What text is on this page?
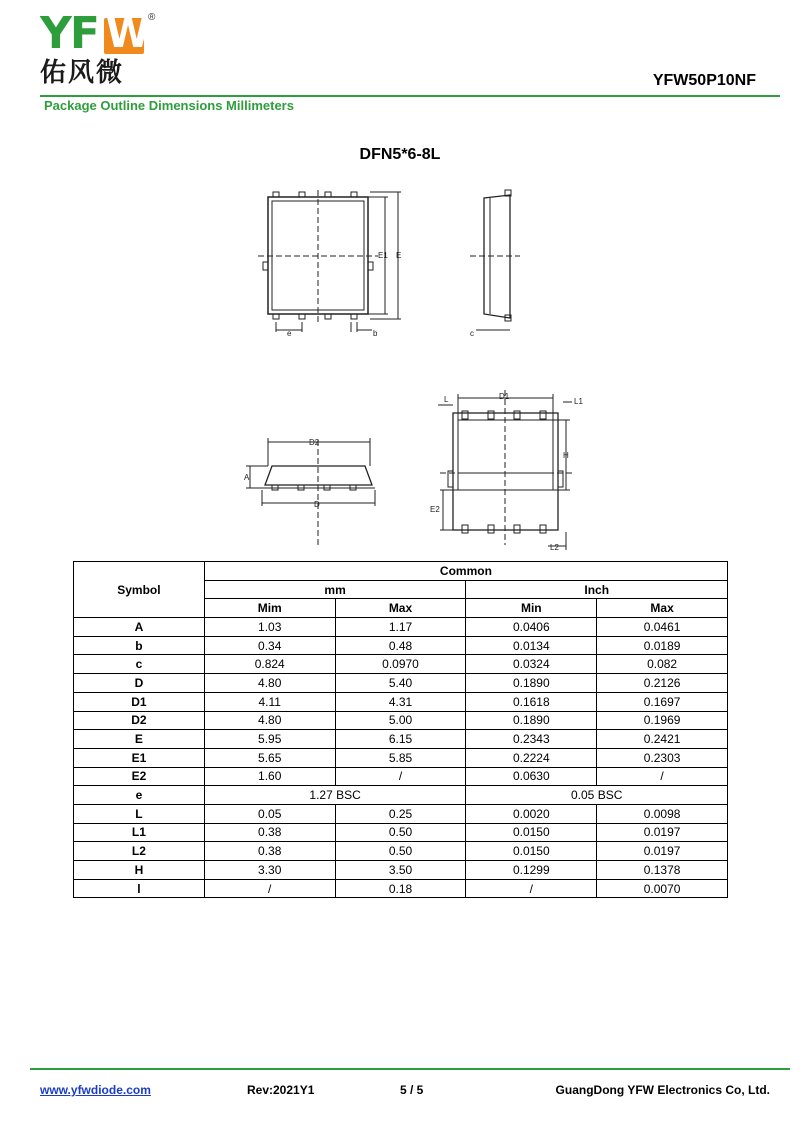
YF W
®
佑风微	YFW50P10NF
Package Outline Dimensions Millimeters
DFN5*6-8L
e	b
E1 E
c
D2
A
D
D1
L	L1
H
E2
L2
Symbol	Common			
	mm		Inch	
	Mim	Max	Min	Max
A	1.03	1.17	0.0406	0.0461
b	0.34	0.48	0.0134	0.0189
c	0.824	0.0970	0.0324	0.082
D	4.80	5.40	0.1890	0.2126
D1	4.11	4.31	0.1618	0.1697
D2	4.80	5.00	0.1890	0.1969
E	5.95	6.15	0.2343	0.2421
E1	5.65	5.85	0.2224	0.2303
E2	1.60	/	0.0630	/
e	1.27 BSC		0.05 BSC	
L	0.05	0.25	0.0020	0.0098
L1	0.38	0.50	0.0150	0.0197
L2	0.38	0.50	0.0150	0.0197
H	3.30	3.50	0.1299	0.1378
l	/	0.18	/	0.0070
www.yfwdiode.com	Rev:2021Y1	5 / 5	GuangDong YFW Electronics Co, Ltd.
